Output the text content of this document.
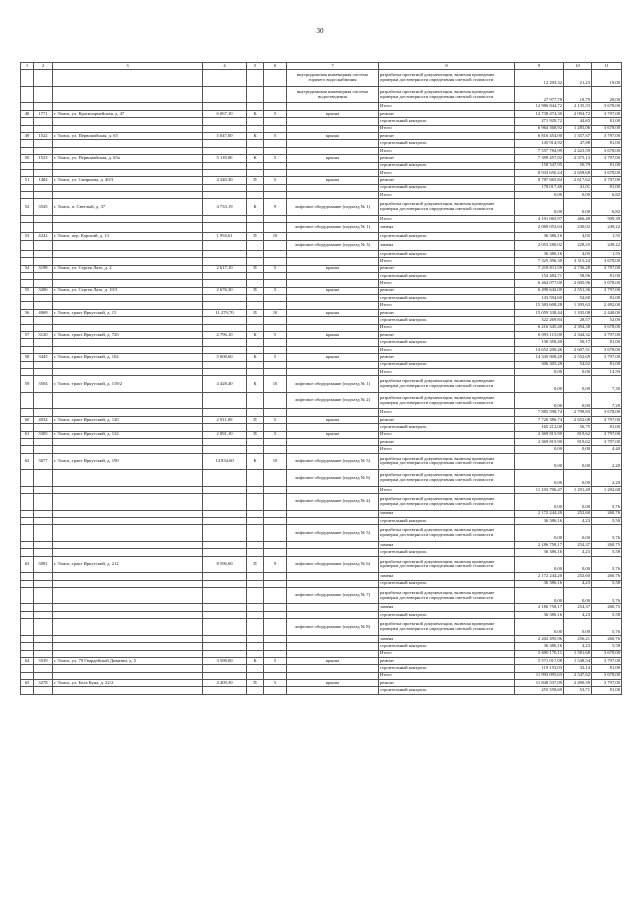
30
1	2	3	4	5	6	7	8	9	10	11
						внутридомовая инженерная система горячего водоснабжения	разработка проектной документации, включая проведение проверки достоверности определения сметной стоимости	12 293,32	21,23	19,00
						внутридомовая инженерная система водоотведения	разработка проектной документации, включая проведение проверки достоверности определения сметной стоимости	27 977,78	18,79	28,00
							Итого	12 986 844,72	2 135,33	3 678,00
48	1771	г. Томск, ул. Красноармейская, д. 47	6 067,10	К	5	крыша	ремонт	12 738 474,30	2 094,72	3 797,00
							строительный контроль	271 929,72	44,65	81,00
							Итого	6 964 368,92	1 285,06	3 678,00
49	1522	г. Томск, ул. Первомайская, д. 65	5 047,00	К	5	крыша	ремонт	6 816 454,00	1 357,37	3 797,00
							строительный контроль	145 914,92	47,88	81,00
							Итого	7 557 784,99	2 423,59	3 678,00
50	1523	г. Томск, ул. Первомайская, д. 65а	5 118,00	К	5	крыша	ремонт	7 399 457,02	2 375,13	3 797,00
							строительный контроль	158 547,95	50,79	81,00
							Итого	8 933 650,24	2 658,68	3 678,00
51	1484	г. Томск, ул. Смирнова, д. 40/3	4 340,30	П	5	крыша	ремонт	8 787 665,84	2 617,62	3 797,00
							строительный контроль	178 017,40	41,01	81,00
							Итого	0,00	0,00	6,82
52	3545	г. Томск, п. Светлый, д. 37	4 733,19	К	9	лифтовое оборудование (подъезд № 1)	разработка проектной документации, включая проведение проверки достоверности определения сметной стоимости	0,00	0,00	6,82
							Итого	4 191 065,97	466,48	509,39
						лифтовое оборудование (подъезд № 1)	замена	2 069 053,64	230,02	249,22
53	4242	г. Томск, пер. Карский, д. 13	1 994,61	П	10		строительный контроль	36 386,16	4,05	1,55
						лифтовое оборудование (подъезд № 3)	замена	2 053 280,02	228,25	249,22
							строительный контроль	36 386,16	4,05	1,55
							Итого	7 325 396,30	3 315,24	3 678,00
54	3198	г. Томск, ул. Сергея Лазо, д. 2	2 617,10	П	5	крыша	ремонт	7 218 811,59	2 736,28	3 797,00
							строительный контроль	154 484,71	58,96	81,00
							Итого	6 464 077,00	2 605,96	3 678,00
55	3206	г. Томск, ул. Сергея Лазо, д. 10/3	2 676,30	П	5	крыша	ремонт	6 490 642,00	2 551,36	3 797,00
							строительный контроль	143 594,60	54,60	81,00
							Итого	15 383 608,28	1 393,63	2 492,00
56	4069	г. Томск, тракт Иркутский, д. 15	11 279,70	П	10	крыша	ремонт	15 059 338,44	1 335,08	2 440,00
							строительный контроль	322 269,84	28,57	52,00
							Итого	6 216 345,40	2 394,38	3 678,00
57	3120	г. Томск, тракт Иркутский, д. 72б	2 796,10	К	5	крыша	ремонт	6 093 115,00	2 344,32	3 797,00
							строительный контроль	130 358,40	50,17	81,00
							Итого	14 652 200,46	2 607,31	3 678,00
58	3445	г. Томск, тракт Иркутский, д. 102	5 608,60	К	5	крыша	ремонт	14 345 908,20	2 552,69	3 797,00
							строительный контроль	306 305,28	54,62	81,00
							Итого	0,00	0,00	14,59
59	3504	г. Томск, тракт Иркутский, д. 118/2	4 428,40	К	10	лифтовое оборудование (подъезд № 1)	разработка проектной документации, включая проведение проверки достоверности определения сметной стоимости	0,00	0,00	7,30
						лифтовое оборудование (подъезд № 2)	разработка проектной документации, включая проведение проверки достоверности определения сметной стоимости	0,00	0,00	7,29
							Итого	7 885 598,74	2 798,85	3 678,00
60	4034	г. Томск, тракт Иркутский, д. 120	2 911,00	П	5	крыша	ремонт	7 720 386,74	2 652,08	3 797,00
							строительный контроль	165 212,00	56,75	81,00
61	3305	г. Томск, тракт Иркутский, д. 122	2 891,10	П	5	крыша	Итого	2 369 815,90	819,62	3 797,00
							ремонт	2 369 815,90	819,62	3 797,00
							Итого	0,00	0,00	4,40
62	3677	г. Томск, тракт Иркутский, д. 190	14 834,60	К	10	лифтовое оборудование (подъезд № 5)	разработка проектной документации, включая проведение проверки достоверности определения сметной стоимости	0,00	0,00	2,20
						лифтовое оборудование (подъезд № 6)	разработка проектной документации, включая проведение проверки достоверности определения сметной стоимости	0,00	0,00	2,20
							Итого	11 103 796,47	1 291,49	1 292,68
						лифтовое оборудование (подъезд № 4)	разработка проектной документации, включая проведение проверки достоверности определения сметной стоимости	0,00	0,00	5,76
							замена	2 172 244,20	252,60	260,76
							строительный контроль	36 386,16	4,23	5,58
						лифтовое оборудование (подъезд № 5)	разработка проектной документации, включая проведение проверки достоверности определения сметной стоимости	0,00	0,00	5,76
							замена	2 186 758,17	254,37	260,75
							строительный контроль	36 386,16	4,23	5,58
63	3081	г. Томск, тракт Иркутский, д. 212	8 596,60	П	9	лифтовое оборудование (подъезд № 6)	разработка проектной документации, включая проведение проверки достоверности определения сметной стоимости	0,00	0,00	5,76
							замена	2 172 244,20	252,60	260,76
							строительный контроль	36 386,16	4,23	5,58
						лифтовое оборудование (подъезд № 7)	разработка проектной документации, включая проведение проверки достоверности определения сметной стоимости	0,00	0,00	5,76
							замена	2 186 758,17	254,37	260,75
							строительный контроль	36 386,16	4,23	5,58
						лифтовое оборудование (подъезд № 8)	разработка проектной документации, включая проведение проверки достоверности определения сметной стоимости	0,00	0,00	5,76
							замена	2 202 495,96	256,21	260,76
							строительный контроль	36 386,16	4,23	5,58
							Итого	5 690 170,11	1 581,68	3 678,00
64	3539	г. Томск, ул. 79 Гвардейской Дивизии, д. 5	3 598,00	К	5	крыша	ремонт	5 571 017,08	1 548,54	3 797,00
							строительный контроль	119 153,03	33,14	81,00
							Итого	11 993 095,63	2 547,62	3 678,00
65	3278	г. Томск, ул. Бела Куна, д. 22/2	4 409,30	П	5	крыша	ремонт	11 848 537,09	2 490,39	3 797,00
							строительный контроль	255 558,69	53,71	81,00
